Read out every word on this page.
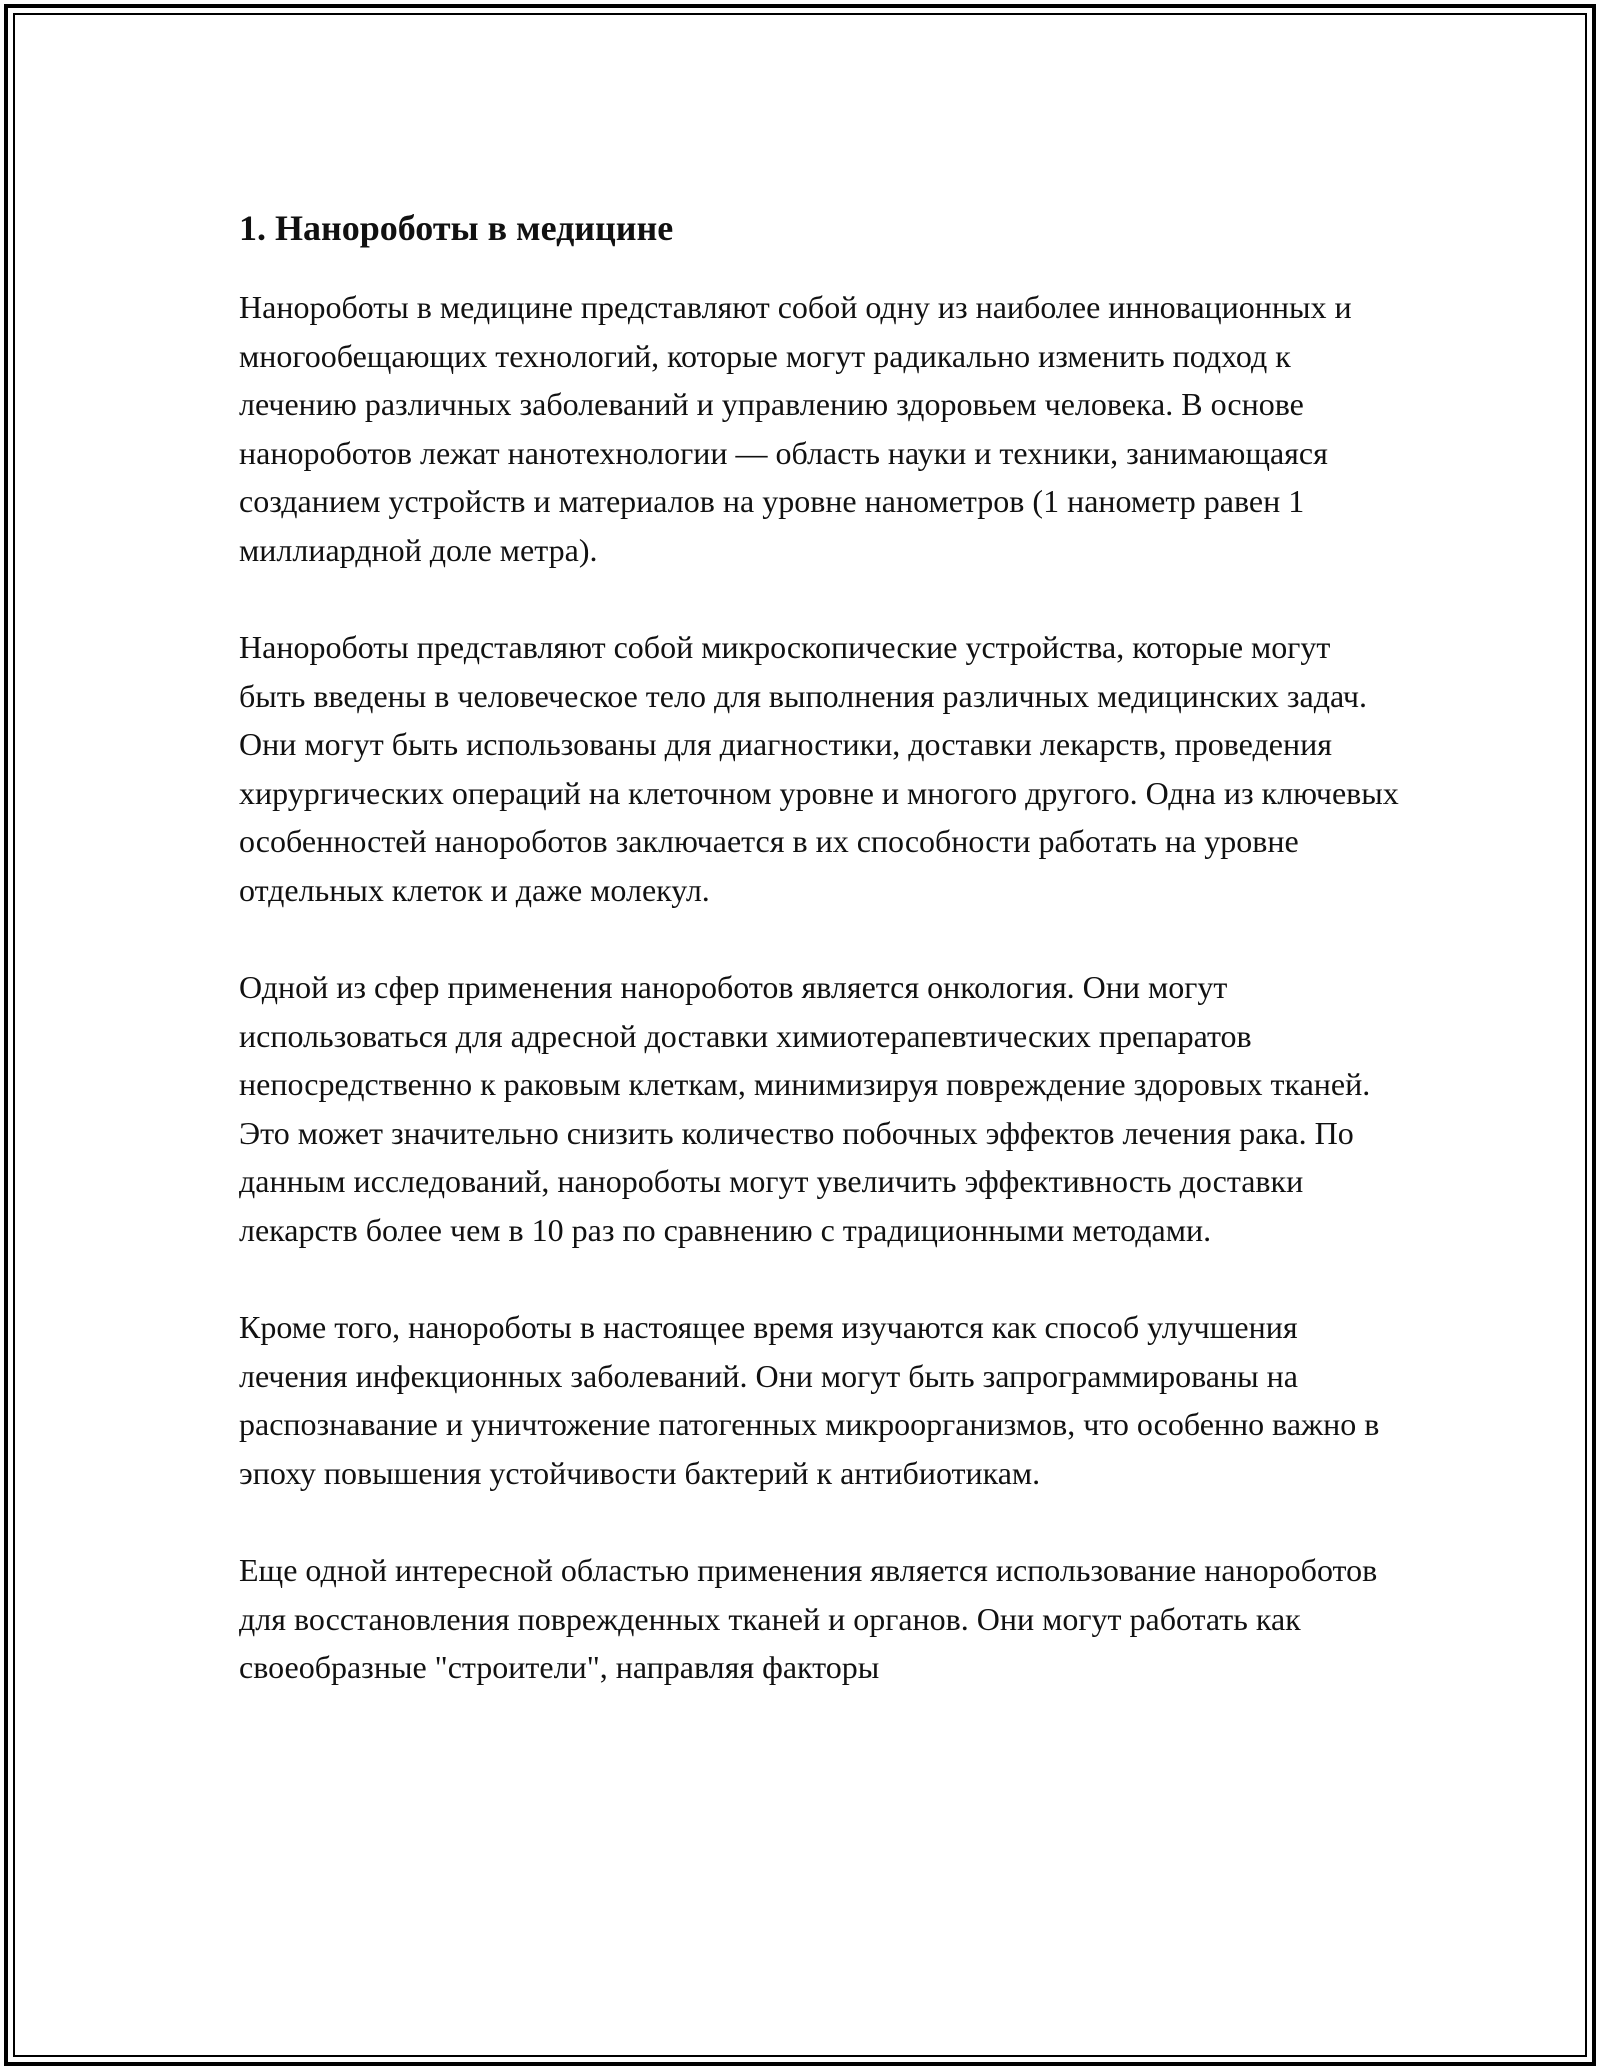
1. Нанороботы в медицине

Нанороботы в медицине представляют собой одну из наиболее инновационных и многообещающих технологий, которые могут радикально изменить подход к лечению различных заболеваний и управлению здоровьем человека. В основе нанороботов лежат нанотехнологии — область науки и техники, занимающаяся созданием устройств и материалов на уровне нанометров (1 нанометр равен 1 миллиардной доле метра).

Нанороботы представляют собой микроскопические устройства, которые могут быть введены в человеческое тело для выполнения различных медицинских задач. Они могут быть использованы для диагностики, доставки лекарств, проведения хирургических операций на клеточном уровне и многого другого. Одна из ключевых особенностей нанороботов заключается в их способности работать на уровне отдельных клеток и даже молекул.

Одной из сфер применения нанороботов является онкология. Они могут использоваться для адресной доставки химиотерапевтических препаратов непосредственно к раковым клеткам, минимизируя повреждение здоровых тканей. Это может значительно снизить количество побочных эффектов лечения рака. По данным исследований, нанороботы могут увеличить эффективность доставки лекарств более чем в 10 раз по сравнению с традиционными методами.

Кроме того, нанороботы в настоящее время изучаются как способ улучшения лечения инфекционных заболеваний. Они могут быть запрограммированы на распознавание и уничтожение патогенных микроорганизмов, что особенно важно в эпоху повышения устойчивости бактерий к антибиотикам.

Еще одной интересной областью применения является использование нанороботов для восстановления поврежденных тканей и органов. Они могут работать как своеобразные "строители", направляя факторы
